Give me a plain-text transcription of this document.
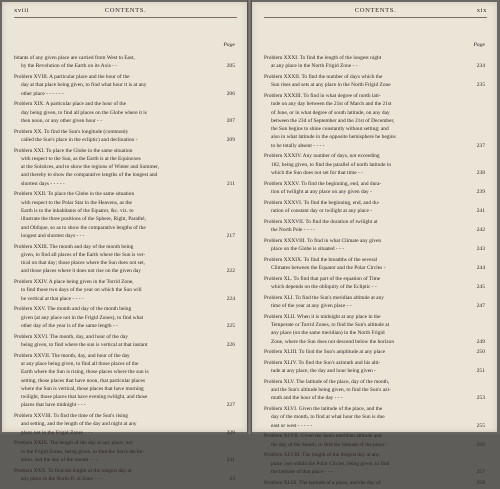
xviii	CONTENTS.
Page
bitants of any given place are carried from West to East,
by the Revolution of the Earth on its Axis - -	205
Problem XVIII. A particular place and the hour of the
day at that place being given, to find what hour it is at any
other place - - - - - -	206
Problem XIX. A particular place and the hour of the
day being given, to find all places on the Globe where it is
then noon, or any other given hour - -	207
Problem XX. To find the Sun's longitude (commonly
called the Sun's place in the ecliptic) and declination -	209
Problem XXI. To place the Globe in the same situation
with respect to the Sun, as the Earth is at the Equinoxes
at the Solstices, and to show the regions of Winter and Summer,
and thereby to show the comparative lengths of the longest and
shortest days - - - - -	211
Problem XXII. To place the Globe in the same situation
with respect to the Polar Star in the Heavens, as the
Earth is to the inhabitants of the Equator, &c. viz. to
illustrate the three positions of the Sphere, Right, Parallel,
and Oblique, so as to show the comparative lengths of the
longest and shortest days - - -	217
Problem XXIII. The month and day of the month being
given, to find all places of the Earth where the Sun is ver-
tical on that day; those places where the Sun does not set,
and those places where it does not rise on the given day	222
Problem XXIV. A place being given in the Torrid Zone,
to find those two days of the year on which the Sun will
be vertical at that place - - - -	224
Problem XXV. The month and day of the month being
given (at any place not in the Frigid Zones), to find what
other day of the year is of the same length - -	225
Problem XXVI. The month, day, and hour of the day
being given, to find where the sun is vertical at that instant	226
Problem XXVII. The month, day, and hour of the day
at any place being given, to find all those places of the
Earth where the Sun is rising, those places where the sun is
setting, those places that have noon, that particular places
where the Sun is vertical, those places that have morning
twilight, those places that have evening twilight, and those
places that have midnight - - -	227
Problem XXVIII. To find the time of the Sun's rising
and setting, and the length of the day and night at any
place not in the Frigid Zones - - -	229
Problem XXIX. The length of the day at any place, not
in the Frigid Zones, being given, to find the Sun's declin-
ation, and the day of the month - - -	231
Problem XXX. To find the length of the longest day at
any place in the North Fr id Zone - - -	23
CONTENTS.	xix
Page
Problem XXXI. To find the length of the longest night
at any place in the North Frigid Zone - -	234
Problem XXXII. To find the number of days which the
Sun rises and sets at any place in the North Frigid Zone	235
Problem XXXIII. To find in what degree of north lati-
tude on any day between the 21st of March and the 21st
of June, or in what degree of south latitude, on any day
between the 23d of September and the 21st of December,
the Sun begins to shine constantly without setting; and
also in what latitude in the opposite hemisphere he begins
to be totally absent - - - -	237
Problem XXXIV. Any number of days, not exceeding
182, being given, to find the parallel of north latitude in
which the Sun does not set for that time - -	238
Problem XXXV. To find the beginning, end, and dura-
tion of twilight at any place on any given day -	239
Problem XXXVI. To find the beginning, end, and du-
ration of constant day or twilight at any place -	241
Problem XXXVII. To find the duration of twilight at
the North Pole - - - -	242
Problem XXXVIII. To find in what Climate any given
place on the Globe is situated - - -	243
Problem XXXIX. To find the breadths of the several
Climates between the Equator and the Polar Circles -	244
Problem XL. To find that part of the equation of Time
which depends on the obliquity of the Ecliptic - -	245
Problem XLI. To find the Sun's meridian altitude at any
time of the year at any given place - -	247
Problem XLII. When it is midnight at any place in the
Temperate or Torrid Zones, to find the Sun's altitude at
any place (on the same meridian) in the North Frigid
Zone, where the Sun does not descend below the horizon	249
Problem XLIII. To find the Sun's amplitude at any place	250
Problem XLIV. To find the Sun's azimuth and his alti-
tude at any place, the day and hour being given -	251
Problem XLV. The latitude of the place, day of the month,
and the Sun's altitude being given, to find the Sun's azi-
muth and the hour of the day - - -	253
Problem XLVI. Given the latitude of the place, and the
day of the month, to find at what hour the Sun is due
east or west - - - - -	255
Problem XLVII. Given the Sun's meridian altitude and
the day of the month, to find the latitude of the place -	256
Problem XLVIII. The length of the longest day at any
place, not within the Polar Circles, being given, to find
the latitude of that place - - -	257
Problem XLIX. The latitude of a place, and the day of	258
